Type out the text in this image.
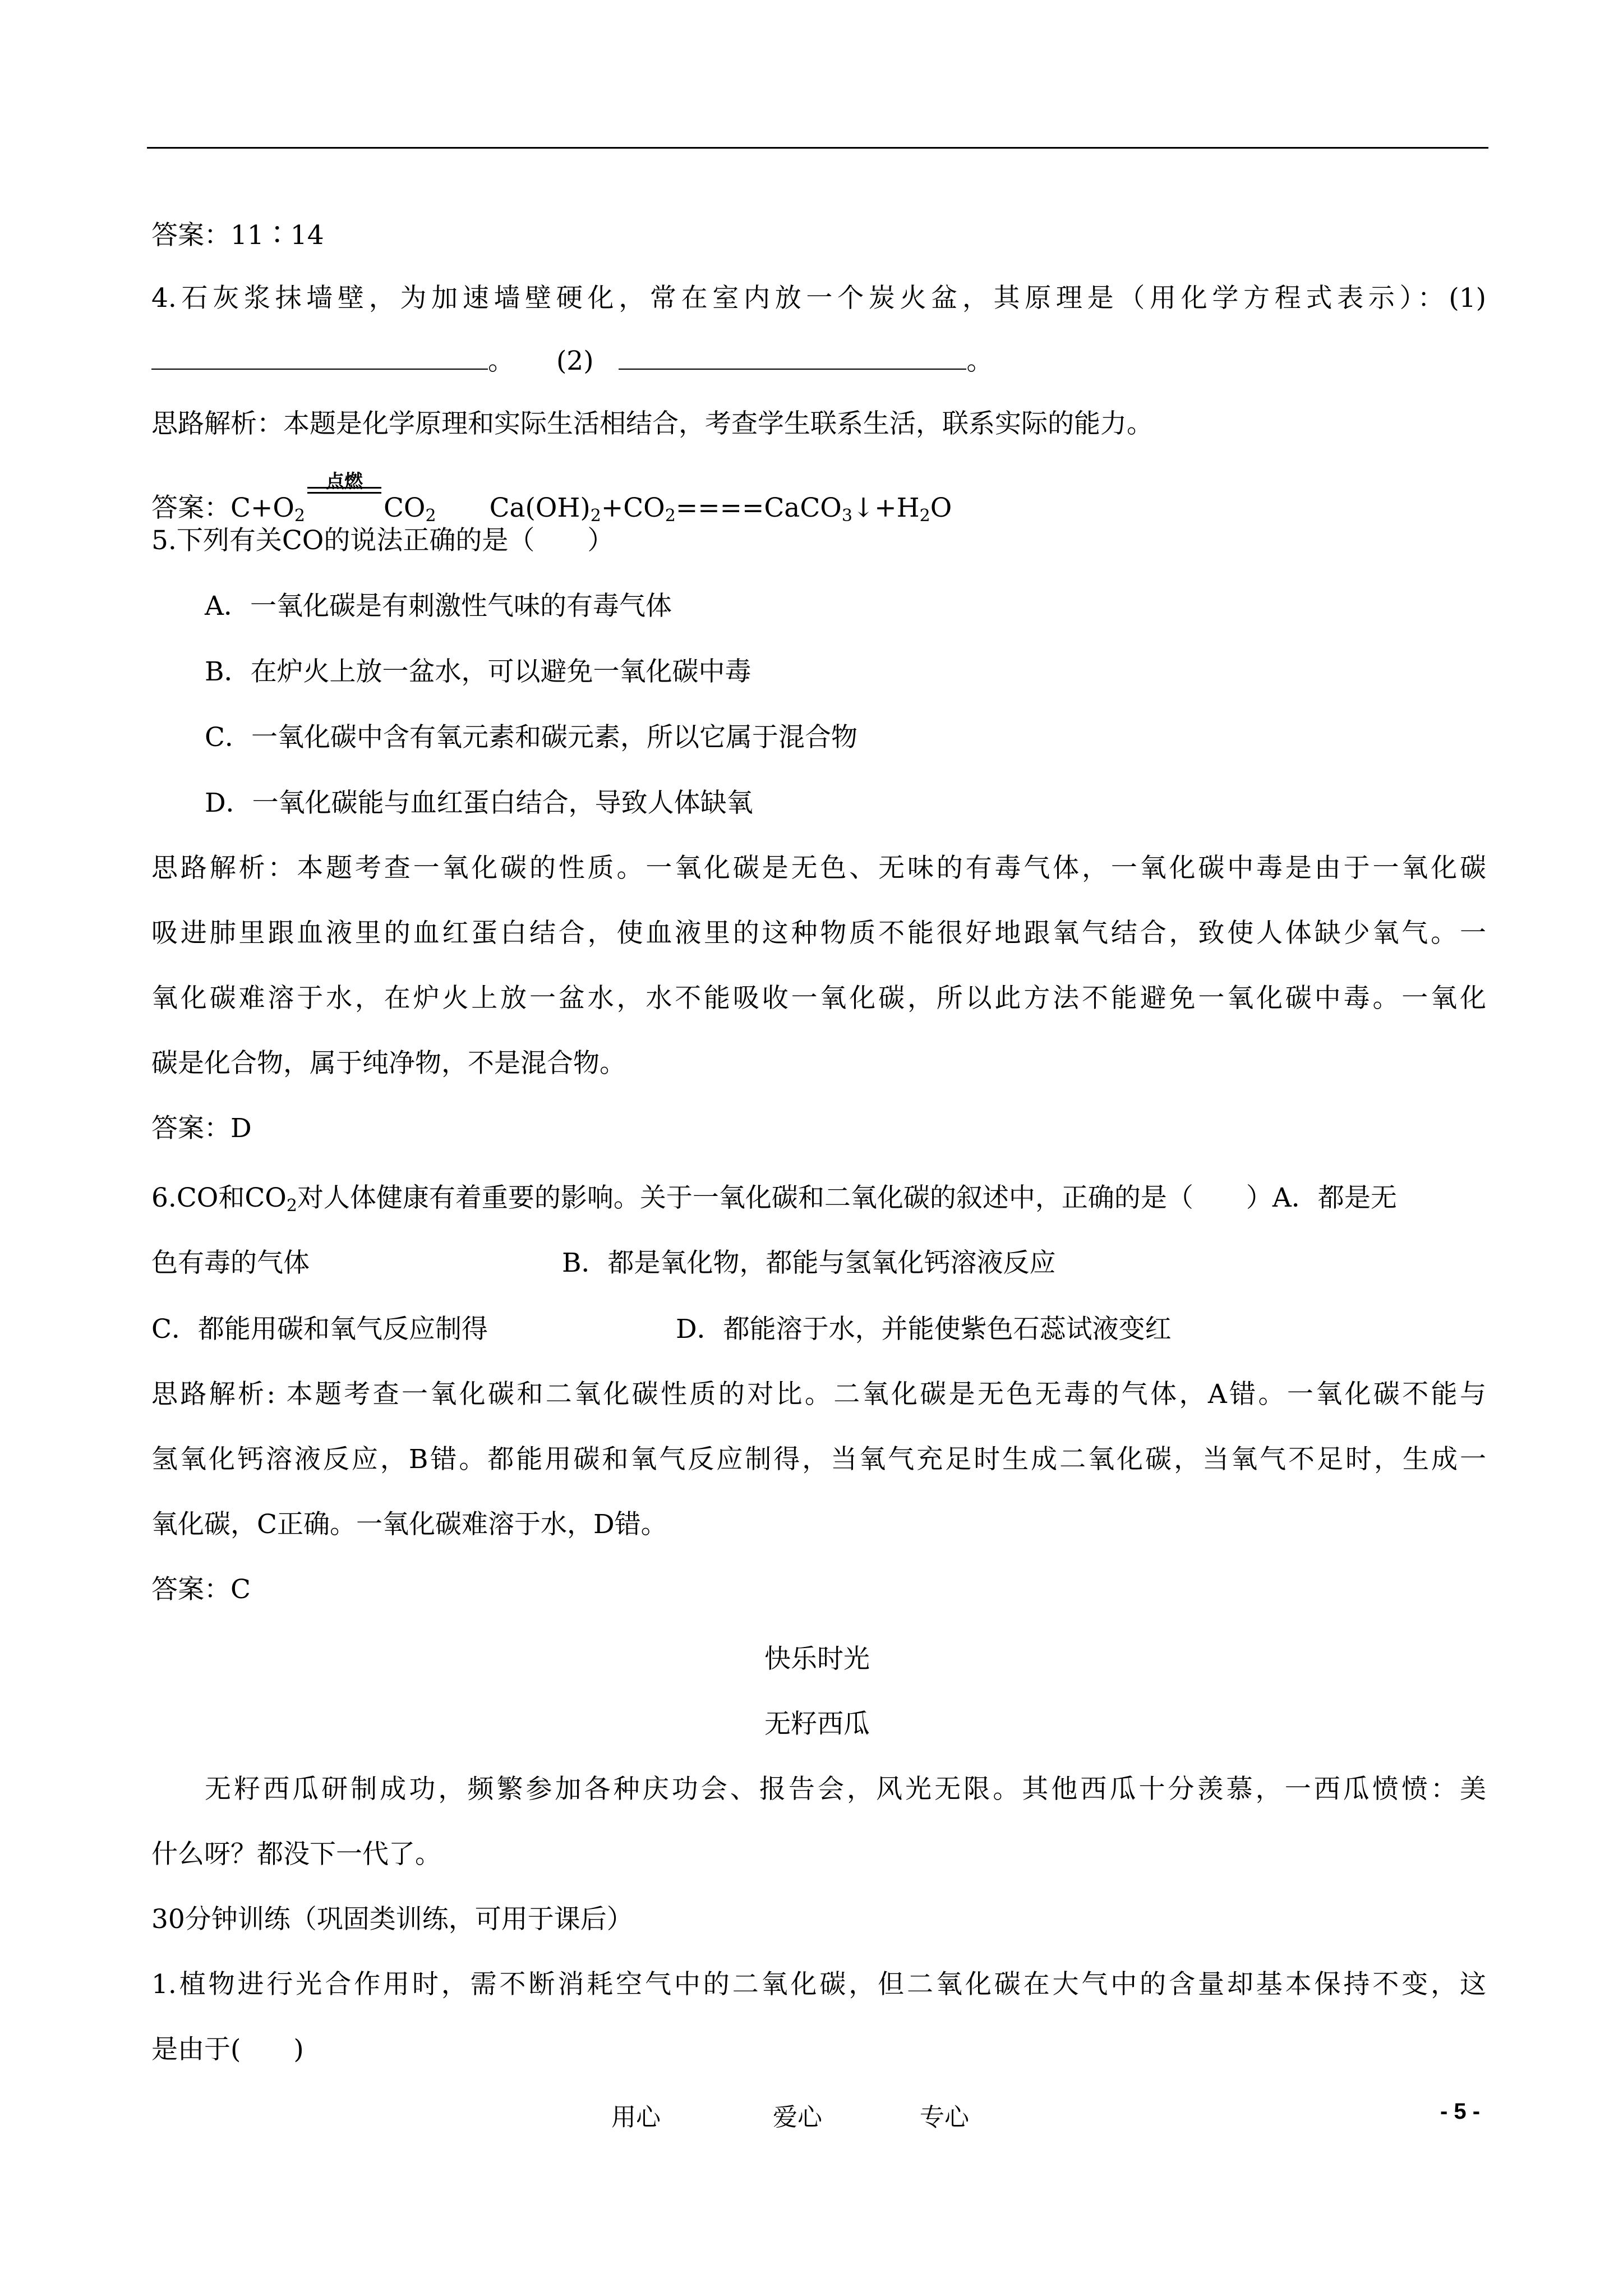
答案：11∶14
4.石灰浆抹墙壁，为加速墙壁硬化，常在室内放一个炭火盆，其原理是（用化学方程式表示）：(1)
。 (2)	。
思路解析：本题是化学原理和实际生活相结合，考查学生联系生活，联系实际的能力。
答案：$C+O_2$
点燃
$CO_2$ $Ca(OH)_2+CO_2====CaCO_3↓+H_2O$
5.下列有关CO的说法正确的是（　　）
A．一氧化碳是有刺激性气味的有毒气体
B．在炉火上放一盆水，可以避免一氧化碳中毒
C．一氧化碳中含有氧元素和碳元素，所以它属于混合物
D．一氧化碳能与血红蛋白结合，导致人体缺氧
思路解析：本题考查一氧化碳的性质。一氧化碳是无色、无味的有毒气体，一氧化碳中毒是由于一氧化碳
吸进肺里跟血液里的血红蛋白结合，使血液里的这种物质不能很好地跟氧气结合，致使人体缺少氧气。一
氧化碳难溶于水，在炉火上放一盆水，水不能吸收一氧化碳，所以此方法不能避免一氧化碳中毒。一氧化
碳是化合物，属于纯净物，不是混合物。
答案：D
6.CO和$CO_2$对人体健康有着重要的影响。关于一氧化碳和二氧化碳的叙述中，正确的是（　　）A．都是无
色有毒的气体	B．都是氧化物，都能与氢氧化钙溶液反应
C．都能用碳和氧气反应制得	D．都能溶于水，并能使紫色石蕊试液变红
思路解析: 本题考查一氧化碳和二氧化碳性质的对比。二氧化碳是无色无毒的气体，A错。一氧化碳不能与
氢氧化钙溶液反应，B错。都能用碳和氧气反应制得，当氧气充足时生成二氧化碳，当氧气不足时，生成一
氧化碳，C正确。一氧化碳难溶于水，D错。
答案：C
快乐时光
无籽西瓜
无籽西瓜研制成功，频繁参加各种庆功会、报告会，风光无限。其他西瓜十分羡慕，一西瓜愤愤：美
什么呀？都没下一代了。
30分钟训练（巩固类训练，可用于课后）
1.植物进行光合作用时，需不断消耗空气中的二氧化碳，但二氧化碳在大气中的含量却基本保持不变，这
是由于(　　)
用心	爱心	专心	- 5 -
